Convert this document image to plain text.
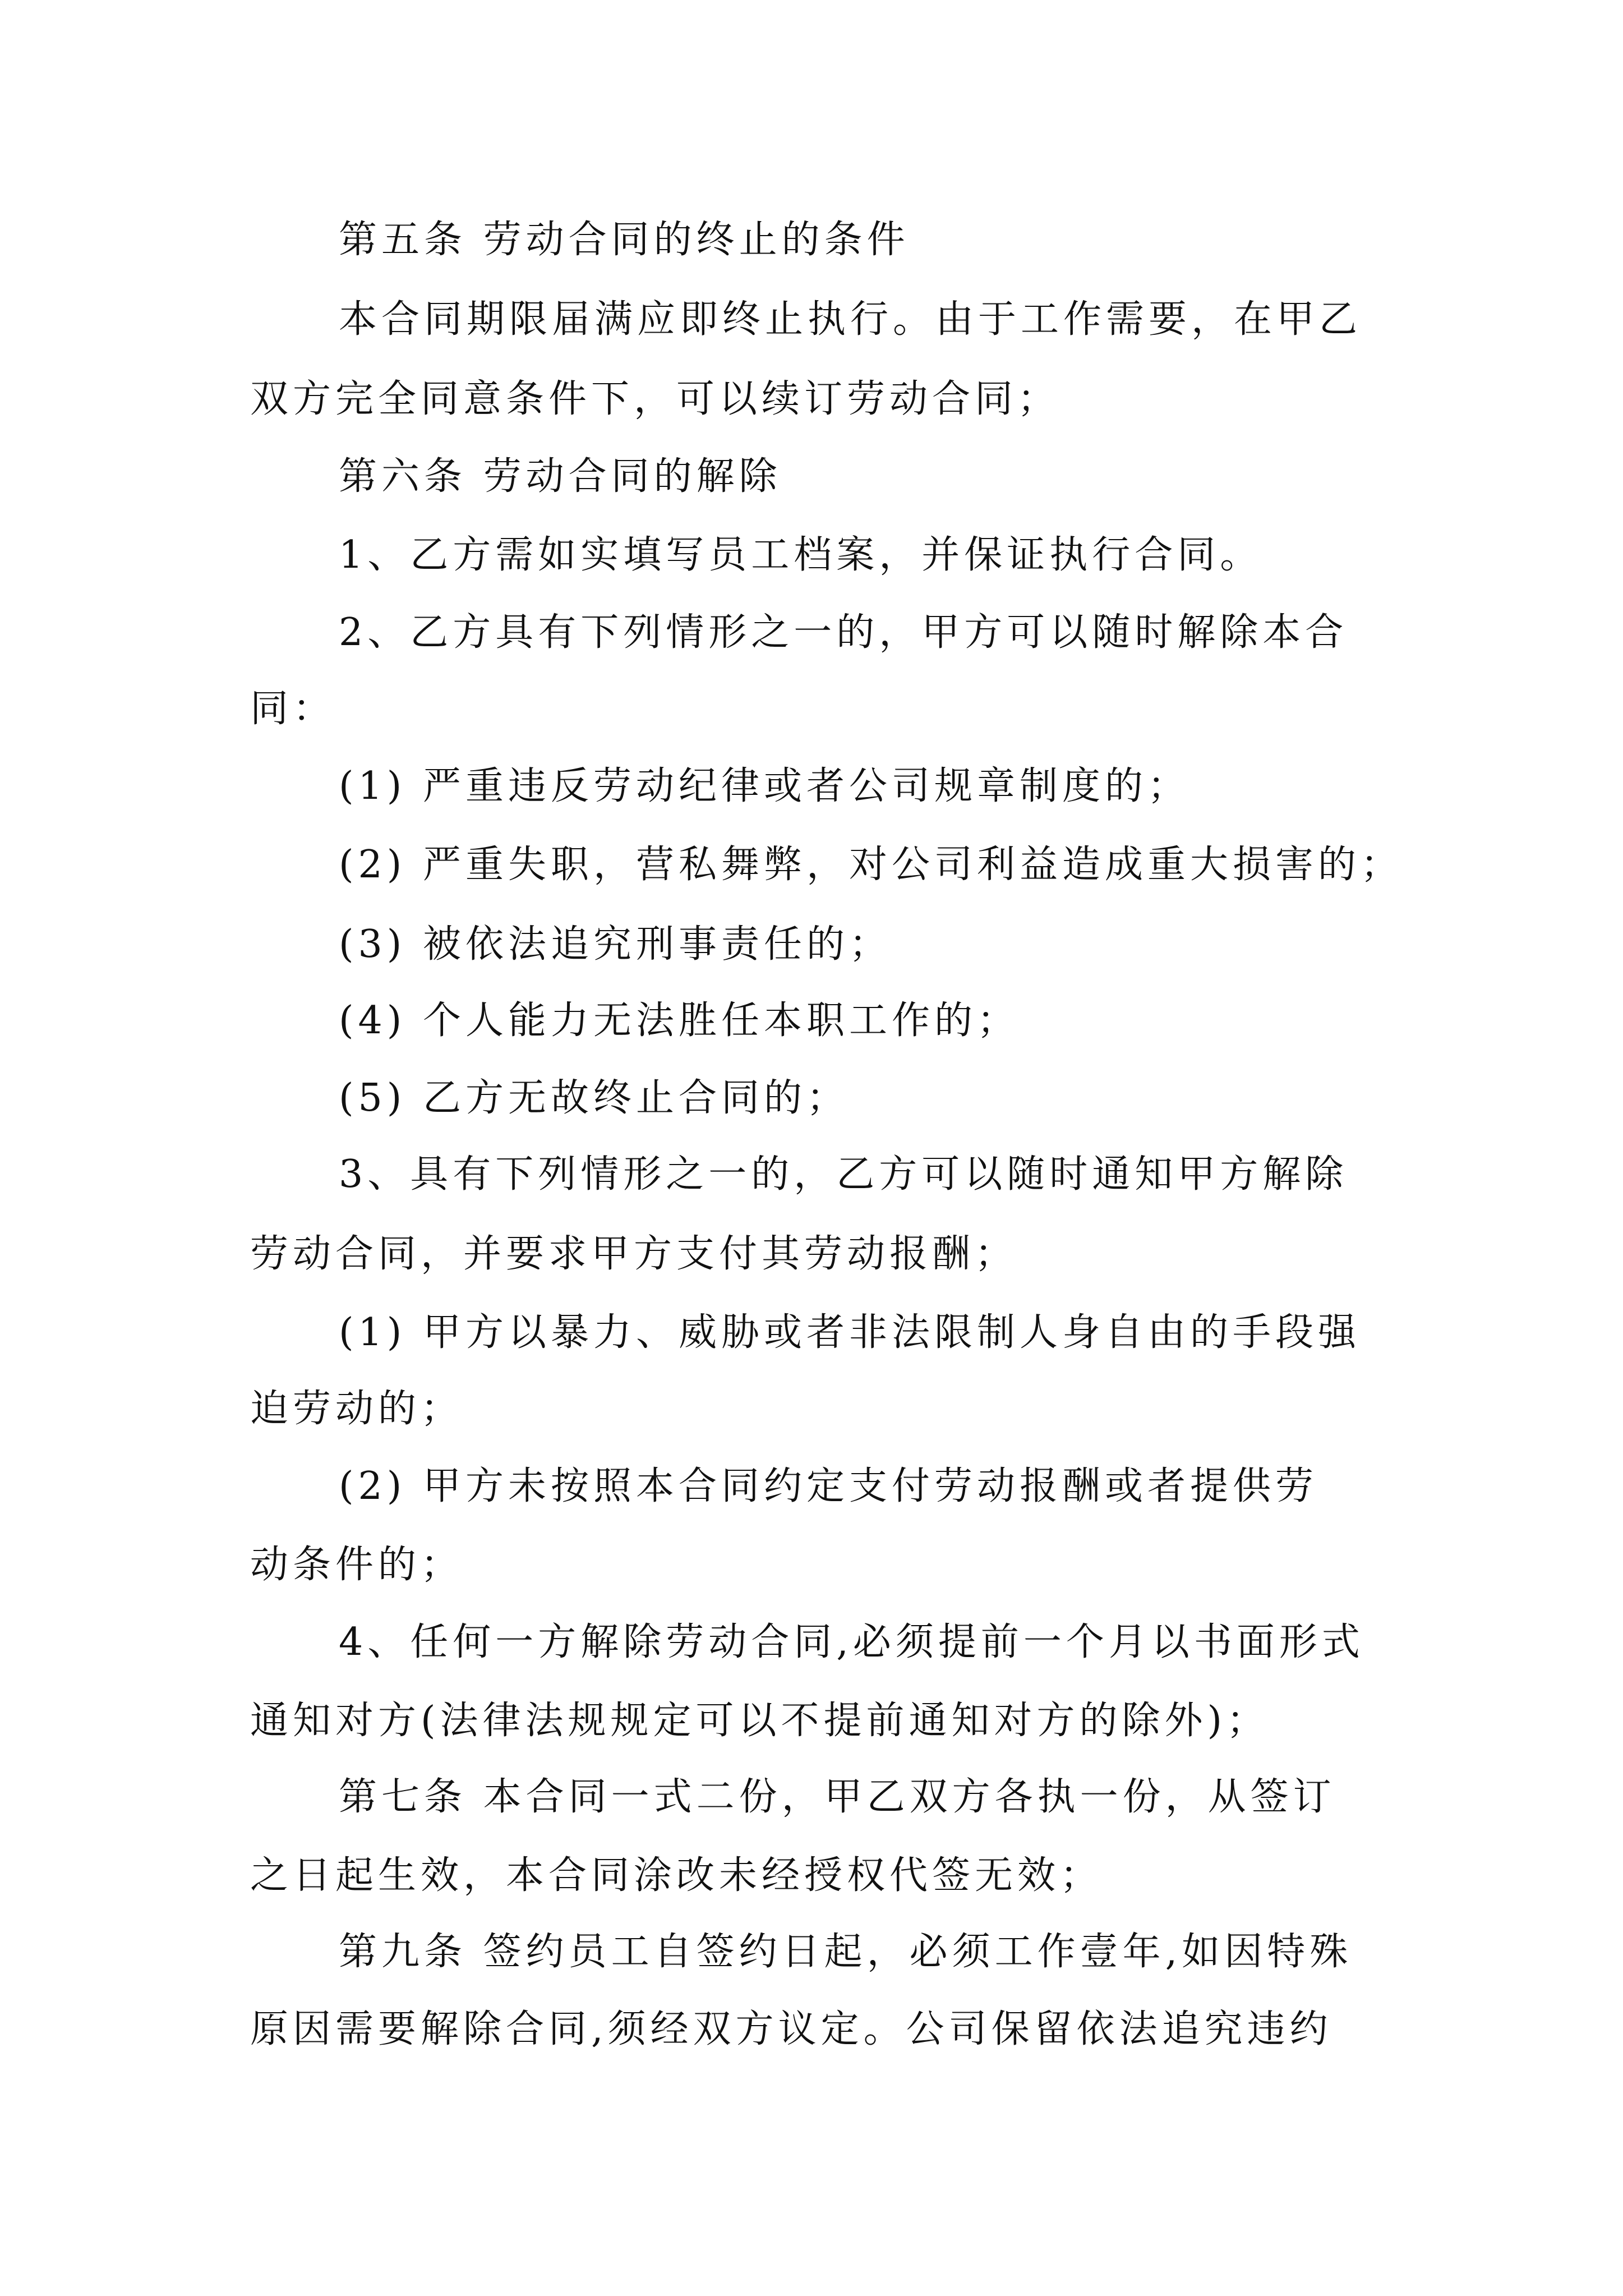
第五条 劳动合同的终止的条件
本合同期限届满应即终止执行。由于工作需要，在甲乙
双方完全同意条件下，可以续订劳动合同；
第六条 劳动合同的解除
1、乙方需如实填写员工档案，并保证执行合同。
2、乙方具有下列情形之一的，甲方可以随时解除本合
同：
(1) 严重违反劳动纪律或者公司规章制度的；
(2) 严重失职，营私舞弊，对公司利益造成重大损害的；
(3) 被依法追究刑事责任的；
(4) 个人能力无法胜任本职工作的；
(5) 乙方无故终止合同的；
3、具有下列情形之一的，乙方可以随时通知甲方解除
劳动合同，并要求甲方支付其劳动报酬；
(1) 甲方以暴力、威胁或者非法限制人身自由的手段强
迫劳动的；
(2) 甲方未按照本合同约定支付劳动报酬或者提供劳
动条件的；
4、任何一方解除劳动合同,必须提前一个月以书面形式
通知对方(法律法规规定可以不提前通知对方的除外)；
第七条 本合同一式二份，甲乙双方各执一份，从签订
之日起生效，本合同涂改未经授权代签无效；
第九条 签约员工自签约日起，必须工作壹年,如因特殊
原因需要解除合同,须经双方议定。公司保留依法追究违约
